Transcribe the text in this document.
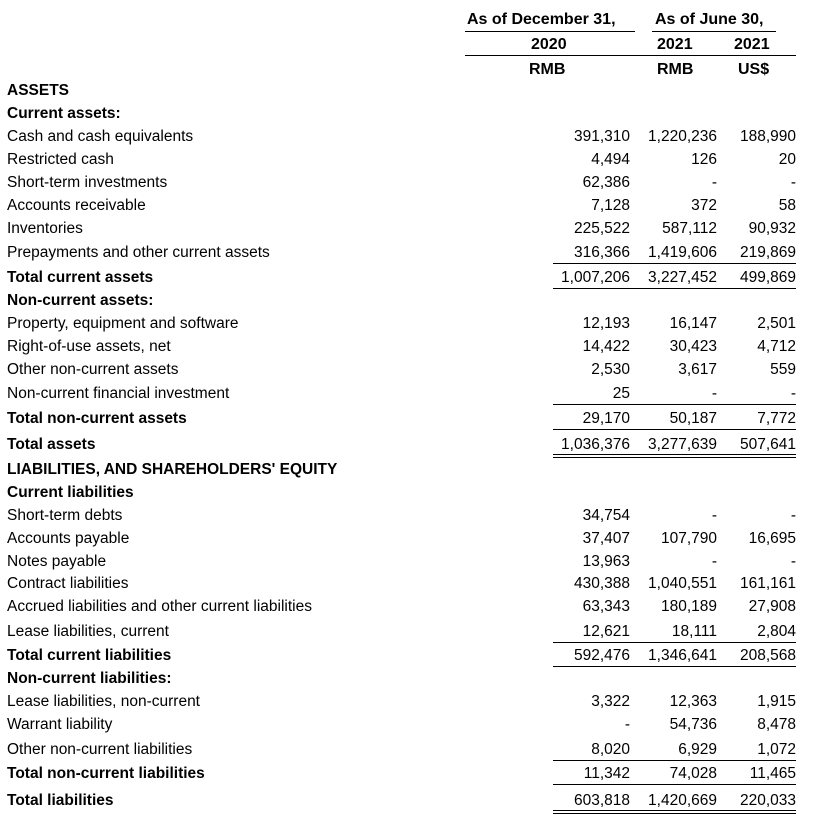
As of December 31, As of June 30,
2020	2021	2021
RMB	RMB	US$
ASSETS
Current assets:
Cash and cash equivalents	391,310 1,220,236 188,990
Restricted cash	4,494	126	20
Short-term investments	62,386	-	-
Accounts receivable	7,128	372	58
Inventories	225,522 587,112 90,932
Prepayments and other current assets	316,366 1,419,606 219,869
Total current assets	1,007,206 3,227,452 499,869
Non-current assets:
Property, equipment and software	12,193	16,147	2,501
Right-of-use assets, net	14,422	30,423	4,712
Other non-current assets	2,530	3,617	559
Non-current financial investment	25	-	-
Total non-current assets	29,170	50,187	7,772
Total assets	1,036,376 3,277,639 507,641
LIABILITIES, AND SHAREHOLDERS' EQUITY
Current liabilities
Short-term debts	34,754	-	-
Accounts payable	37,407 107,790 16,695
Notes payable	13,963	-	-
Contract liabilities	430,388 1,040,551 161,161
Accrued liabilities and other current liabilities	63,343 180,189 27,908
Lease liabilities, current	12,621	18,111	2,804
Total current liabilities	592,476 1,346,641 208,568
Non-current liabilities:
Lease liabilities, non-current	3,322	12,363	1,915
Warrant liability	-	54,736	8,478
Other non-current liabilities	8,020	6,929	1,072
Total non-current liabilities	11,342	74,028 11,465
Total liabilities	603,818 1,420,669 220,033
